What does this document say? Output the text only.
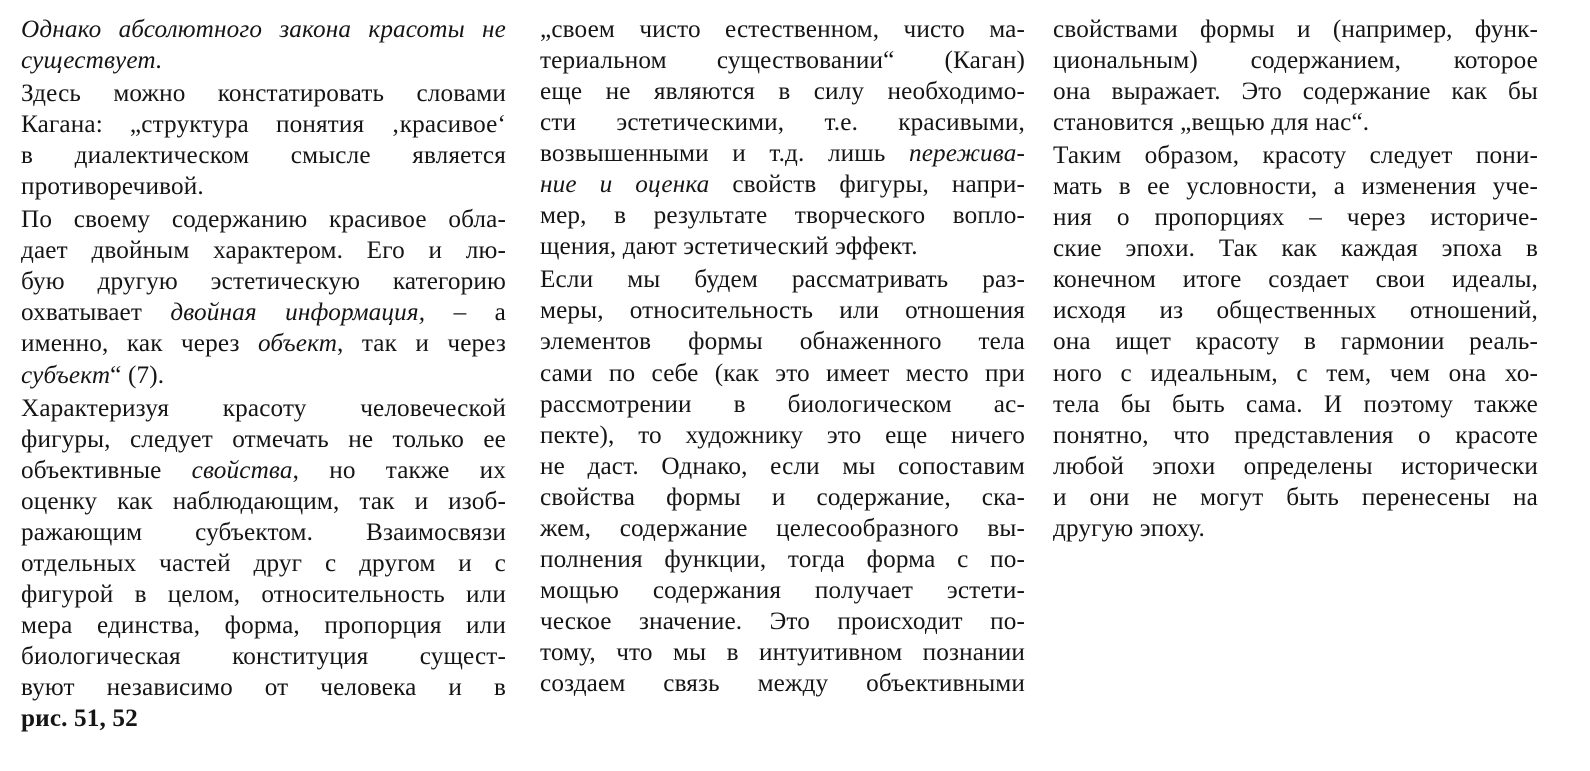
Однако абсолютного закона красоты не
существует.
Здесь можно констатировать словами
Кагана: „структура понятия ‚красивое‘
в диалектическом смысле является
противоречивой.
По своему содержанию красивое обла-
дает двойным характером. Его и лю-
бую другую эстетическую категорию
охватывает двойная информация, – а
именно, как через объект, так и через
субъект“ (7).
Характеризуя красоту человеческой
фигуры, следует отмечать не только ее
объективные свойства, но также их
оценку как наблюдающим, так и изоб-
ражающим субъектом. Взаимосвязи
отдельных частей друг с другом и с
фигурой в целом, относительность или
мера единства, форма, пропорция или
биологическая конституция сущест-
вуют независимо от человека и в
рис. 51, 52
„своем чисто естественном, чисто ма-
териальном существовании“ (Каган)
еще не являются в силу необходимо-
сти эстетическими, т.е. красивыми,
возвышенными и т.д. лишь пережива-
ние и оценка свойств фигуры, напри-
мер, в результате творческого вопло-
щения, дают эстетический эффект.
Если мы будем рассматривать раз-
меры, относительность или отношения
элементов формы обнаженного тела
сами по себе (как это имеет место при
рассмотрении в биологическом ас-
пекте), то художнику это еще ничего
не даст. Однако, если мы сопоставим
свойства формы и содержание, ска-
жем, содержание целесообразного вы-
полнения функции, тогда форма с по-
мощью содержания получает эстети-
ческое значение. Это происходит по-
тому, что мы в интуитивном познании
создаем связь между объективными
свойствами формы и (например, функ-
циональным) содержанием, которое
она выражает. Это содержание как бы
становится „вещью для нас“.
Таким образом, красоту следует пони-
мать в ее условности, а изменения уче-
ния о пропорциях – через историче-
ские эпохи. Так как каждая эпоха в
конечном итоге создает свои идеалы,
исходя из общественных отношений,
она ищет красоту в гармонии реаль-
ного с идеальным, с тем, чем она хо-
тела бы быть сама. И поэтому также
понятно, что представления о красоте
любой эпохи определены исторически
и они не могут быть перенесены на
другую эпоху.
